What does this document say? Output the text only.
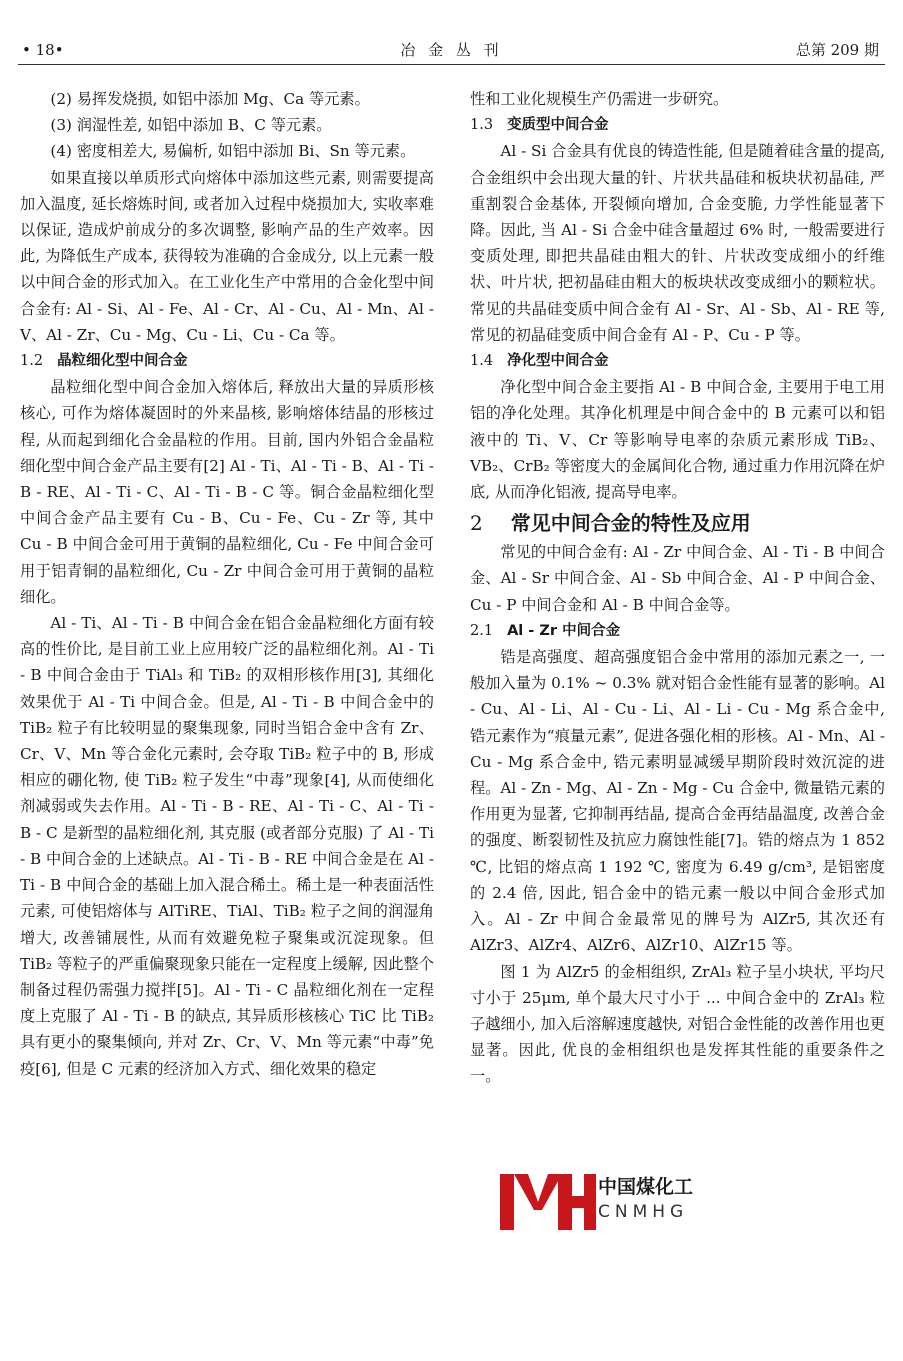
• 18•	冶 金 丛 刊	总第 209 期

(2) 易挥发烧损, 如铝中添加 Mg、Ca 等元素。

(3) 润湿性差, 如铝中添加 B、C 等元素。

(4) 密度相差大, 易偏析, 如铝中添加 Bi、Sn 等元素。

如果直接以单质形式向熔体中添加这些元素, 则需要提高加入温度, 延长熔炼时间, 或者加入过程中烧损加大, 实收率难以保证, 造成炉前成分的多次调整, 影响产品的生产效率。因此, 为降低生产成本, 获得较为准确的合金成分, 以上元素一般以中间合金的形式加入。在工业化生产中常用的合金化型中间合金有: Al - Si、Al - Fe、Al - Cr、Al - Cu、Al - Mn、Al - V、Al - Zr、Cu - Mg、Cu - Li、Cu - Ca 等。

1.2 晶粒细化型中间合金

晶粒细化型中间合金加入熔体后, 释放出大量的异质形核核心, 可作为熔体凝固时的外来晶核, 影响熔体结晶的形核过程, 从而起到细化合金晶粒的作用。目前, 国内外铝合金晶粒细化型中间合金产品主要有[2] Al - Ti、Al - Ti - B、Al - Ti - B - RE、Al - Ti - C、Al - Ti - B - C 等。铜合金晶粒细化型中间合金产品主要有 Cu - B、Cu - Fe、Cu - Zr 等, 其中 Cu - B 中间合金可用于黄铜的晶粒细化, Cu - Fe 中间合金可用于铝青铜的晶粒细化, Cu - Zr 中间合金可用于黄铜的晶粒细化。

Al - Ti、Al - Ti - B 中间合金在铝合金晶粒细化方面有较高的性价比, 是目前工业上应用较广泛的晶粒细化剂。Al - Ti - B 中间合金由于 TiAl₃ 和 TiB₂ 的双相形核作用[3], 其细化效果优于 Al - Ti 中间合金。但是, Al - Ti - B 中间合金中的 TiB₂ 粒子有比较明显的聚集现象, 同时当铝合金中含有 Zr、Cr、V、Mn 等合金化元素时, 会夺取 TiB₂ 粒子中的 B, 形成相应的硼化物, 使 TiB₂ 粒子发生“中毒”现象[4], 从而使细化剂减弱或失去作用。Al - Ti - B - RE、Al - Ti - C、Al - Ti - B - C 是新型的晶粒细化剂, 其克服 (或者部分克服) 了 Al - Ti - B 中间合金的上述缺点。Al - Ti - B - RE 中间合金是在 Al - Ti - B 中间合金的基础上加入混合稀土。稀土是一种表面活性元素, 可使铝熔体与 AlTiRE、TiAl、TiB₂ 粒子之间的润湿角增大, 改善铺展性, 从而有效避免粒子聚集或沉淀现象。但 TiB₂ 等粒子的严重偏聚现象只能在一定程度上缓解, 因此整个制备过程仍需强力搅拌[5]。Al - Ti - C 晶粒细化剂在一定程度上克服了 Al - Ti - B 的缺点, 其异质形核核心 TiC 比 TiB₂ 具有更小的聚集倾向, 并对 Zr、Cr、V、Mn 等元素“中毒”免疫[6], 但是 C 元素的经济加入方式、细化效果的稳定

性和工业化规模生产仍需进一步研究。

1.3 变质型中间合金

Al - Si 合金具有优良的铸造性能, 但是随着硅含量的提高, 合金组织中会出现大量的针、片状共晶硅和板块状初晶硅, 严重割裂合金基体, 开裂倾向增加, 合金变脆, 力学性能显著下降。因此, 当 Al - Si 合金中硅含量超过 6% 时, 一般需要进行变质处理, 即把共晶硅由粗大的针、片状改变成细小的纤维状、叶片状, 把初晶硅由粗大的板块状改变成细小的颗粒状。常见的共晶硅变质中间合金有 Al - Sr、Al - Sb、Al - RE 等, 常见的初晶硅变质中间合金有 Al - P、Cu - P 等。

1.4 净化型中间合金

净化型中间合金主要指 Al - B 中间合金, 主要用于电工用铝的净化处理。其净化机理是中间合金中的 B 元素可以和铝液中的 Ti、V、Cr 等影响导电率的杂质元素形成 TiB₂、VB₂、CrB₂ 等密度大的金属间化合物, 通过重力作用沉降在炉底, 从而净化铝液, 提高导电率。

2 常见中间合金的特性及应用

常见的中间合金有: Al - Zr 中间合金、Al - Ti - B 中间合金、Al - Sr 中间合金、Al - Sb 中间合金、Al - P 中间合金、Cu - P 中间合金和 Al - B 中间合金等。

2.1 Al - Zr 中间合金

锆是高强度、超高强度铝合金中常用的添加元素之一, 一般加入量为 0.1% ~ 0.3% 就对铝合金性能有显著的影响。Al - Cu、Al - Li、Al - Cu - Li、Al - Li - Cu - Mg 系合金中, 锆元素作为“痕量元素”, 促进各强化相的形核。Al - Mn、Al - Cu - Mg 系合金中, 锆元素明显减缓早期阶段时效沉淀的进程。Al - Zn - Mg、Al - Zn - Mg - Cu 合金中, 微量锆元素的作用更为显著, 它抑制再结晶, 提高合金再结晶温度, 改善合金的强度、断裂韧性及抗应力腐蚀性能[7]。锆的熔点为 1 852 ℃, 比铝的熔点高 1 192 ℃, 密度为 6.49 g/cm³, 是铝密度的 2.4 倍, 因此, 铝合金中的锆元素一般以中间合金形式加入。Al - Zr 中间合金最常见的牌号为 AlZr5, 其次还有 AlZr3、AlZr4、AlZr6、AlZr10、AlZr15 等。

图 1 为 AlZr5 的金相组织, ZrAl₃ 粒子呈小块状, 平均尺寸小于 25μm, 单个最大尺寸小于 ... 中间合金中的 ZrAl₃ 粒子越细小, 加入后溶解速度越快, 对铝合金性能的改善作用也更显著。因此, 优良的金相组织也是发挥其性能的重要条件之一。

中国煤化工
CNMHG
